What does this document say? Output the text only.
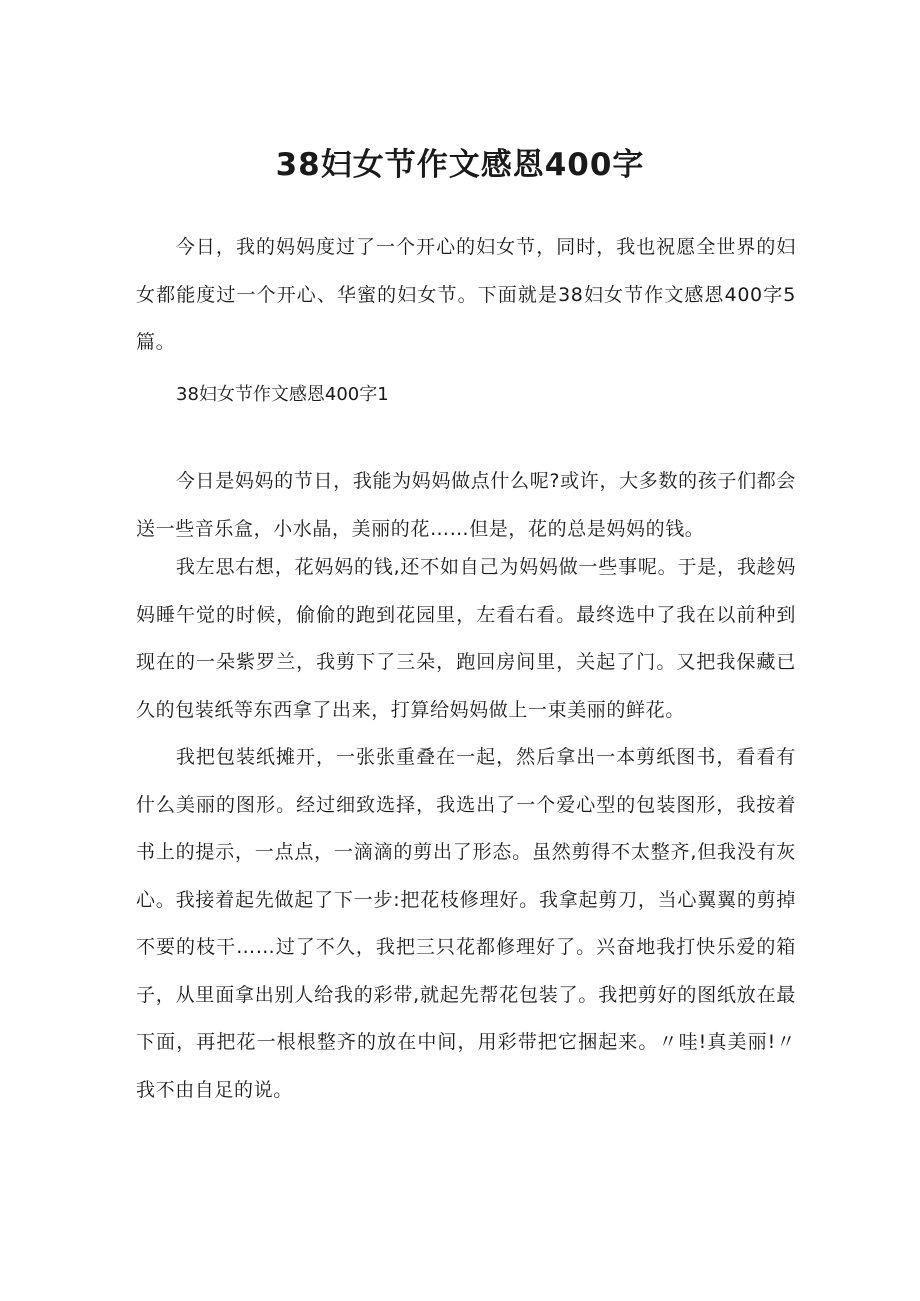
38妇女节作文感恩400字

今日，我的妈妈度过了一个开心的妇女节，同时，我也祝愿全世界的妇女都能度过一个开心、华蜜的妇女节。下面就是38妇女节作文感恩400字5篇。

38妇女节作文感恩400字1

今日是妈妈的节日，我能为妈妈做点什么呢?或许，大多数的孩子们都会送一些音乐盒，小水晶，美丽的花……但是，花的总是妈妈的钱。

我左思右想，花妈妈的钱,还不如自己为妈妈做一些事呢。于是，我趁妈妈睡午觉的时候，偷偷的跑到花园里，左看右看。最终选中了我在以前种到现在的一朵紫罗兰，我剪下了三朵，跑回房间里，关起了门。又把我保藏已久的包装纸等东西拿了出来，打算给妈妈做上一束美丽的鲜花。

我把包装纸摊开，一张张重叠在一起，然后拿出一本剪纸图书，看看有什么美丽的图形。经过细致选择，我选出了一个爱心型的包装图形，我按着书上的提示，一点点，一滴滴的剪出了形态。虽然剪得不太整齐,但我没有灰心。我接着起先做起了下一步:把花枝修理好。我拿起剪刀，当心翼翼的剪掉不要的枝干……过了不久，我把三只花都修理好了。兴奋地我打快乐爱的箱子，从里面拿出别人给我的彩带,就起先帮花包装了。我把剪好的图纸放在最下面，再把花一根根整齐的放在中间，用彩带把它捆起来。〃哇!真美丽!〃我不由自足的说。
